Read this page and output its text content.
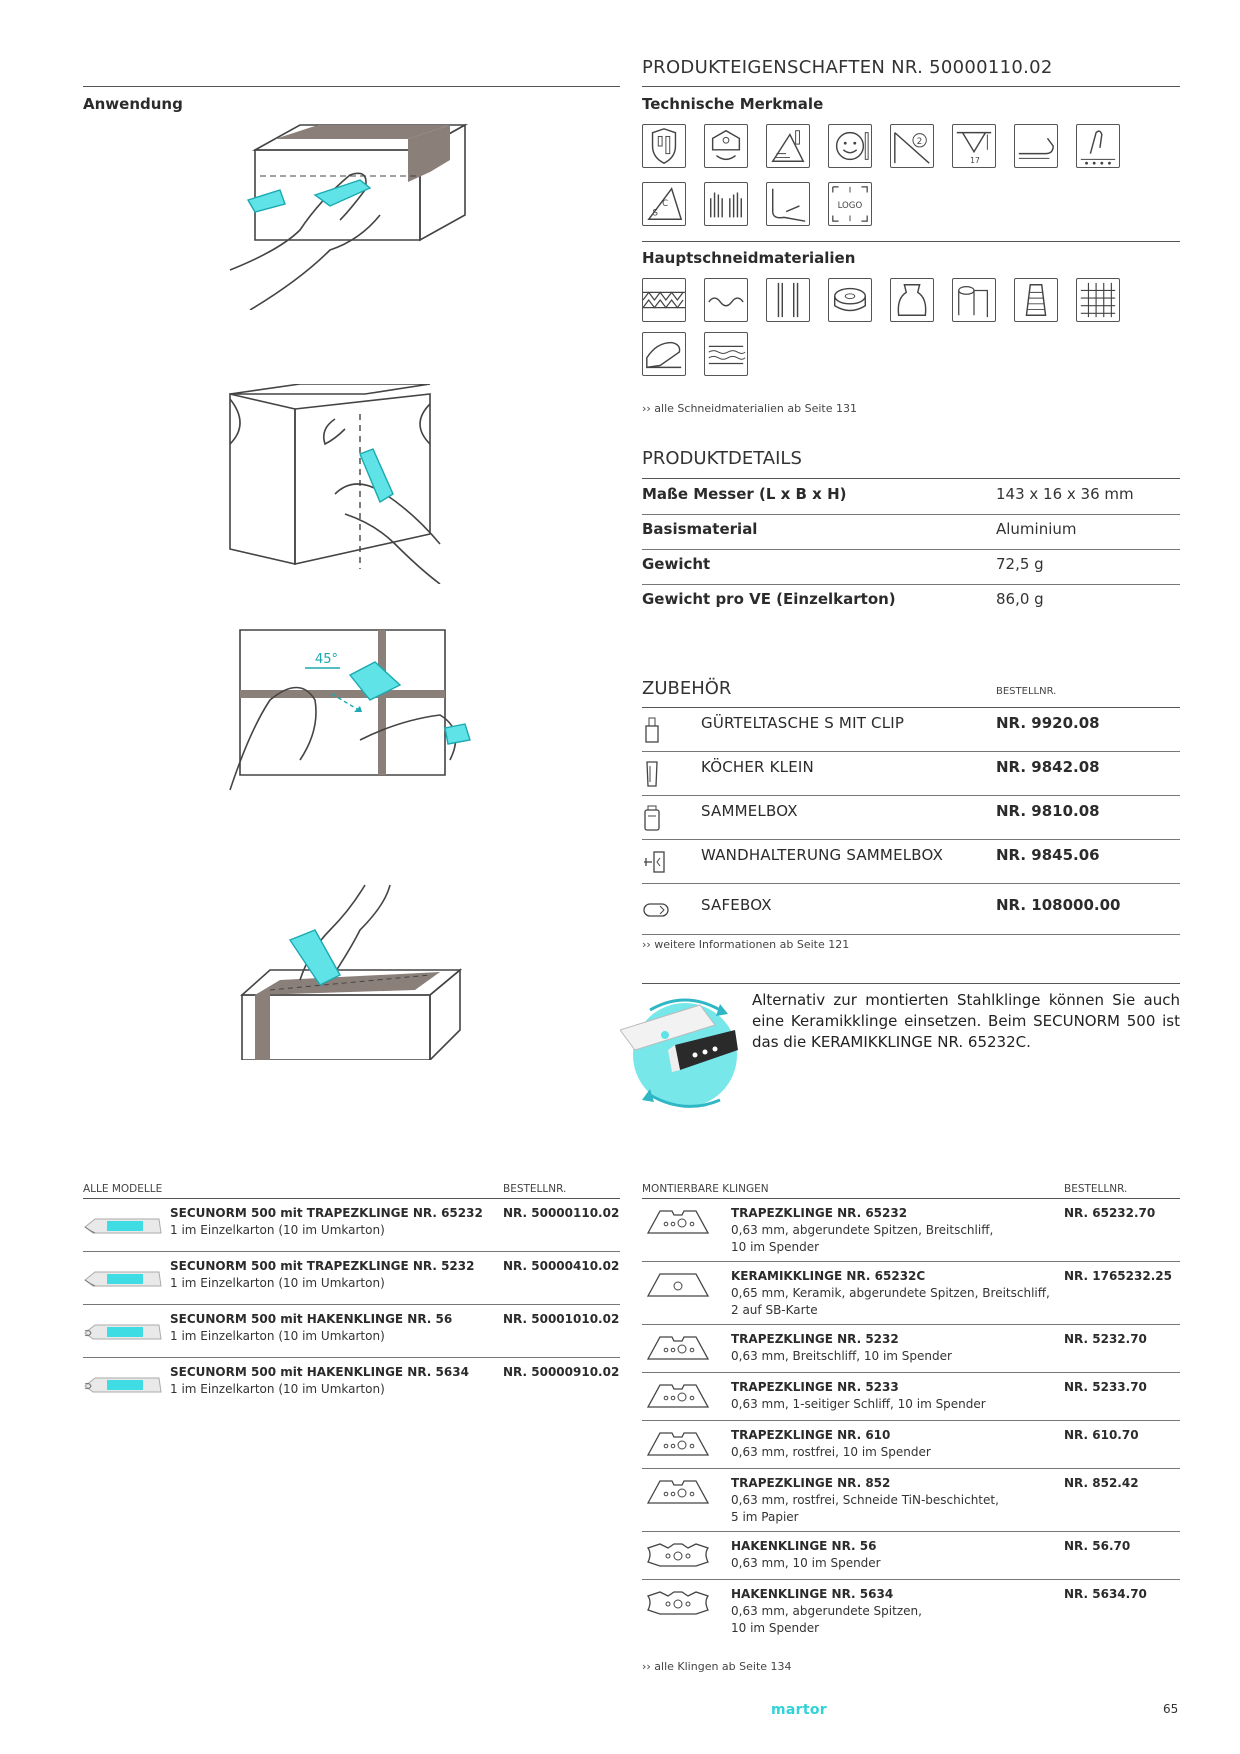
Anwendung
45°
PRODUKTEIGENSCHAFTEN NR. 50000110.02
Technische Merkmale
2
17
C
S
LOGO
Hauptschneidmaterialien
›› alle Schneidmaterialien ab Seite 131
PRODUKTDETAILS
Maße Messer (L x B x H)	143 x 16 x 36 mm
Basismaterial	Aluminium
Gewicht	72,5 g
Gewicht pro VE (Einzelkarton)	86,0 g
ZUBEHÖR	BESTELLNR.
GÜRTELTASCHE S MIT CLIP	NR. 9920.08
KÖCHER KLEIN	NR. 9842.08
SAMMELBOX	NR. 9810.08
WANDHALTERUNG SAMMELBOX	NR. 9845.06
SAFEBOX	NR. 108000.00
›› weitere Informationen ab Seite 121
Alternativ zur montierten Stahlklinge können Sie auch eine Keramikklinge einsetzen. Beim SECUNORM 500 ist das die KERAMIKKLINGE NR. 65232C.
ALLE MODELLE	BESTELLNR.
SECUNORM 500 mit TRAPEZKLINGE NR. 65232
1 im Einzelkarton (10 im Umkarton)
NR. 50000110.02
SECUNORM 500 mit TRAPEZKLINGE NR. 5232
1 im Einzelkarton (10 im Umkarton)
NR. 50000410.02
SECUNORM 500 mit HAKENKLINGE NR. 56
1 im Einzelkarton (10 im Umkarton)
NR. 50001010.02
SECUNORM 500 mit HAKENKLINGE NR. 5634
1 im Einzelkarton (10 im Umkarton)
NR. 50000910.02
MONTIERBARE KLINGEN	BESTELLNR.
TRAPEZKLINGE NR. 65232
0,63 mm, abgerundete Spitzen, Breitschliff,
10 im Spender
NR. 65232.70
KERAMIKKLINGE NR. 65232C
0,65 mm, Keramik, abgerundete Spitzen, Breitschliff,
2 auf SB-Karte
NR. 1765232.25
TRAPEZKLINGE NR. 5232
0,63 mm, Breitschliff, 10 im Spender
NR. 5232.70
TRAPEZKLINGE NR. 5233
0,63 mm, 1-seitiger Schliff, 10 im Spender
NR. 5233.70
TRAPEZKLINGE NR. 610
0,63 mm, rostfrei, 10 im Spender
NR. 610.70
TRAPEZKLINGE NR. 852
0,63 mm, rostfrei, Schneide TiN-beschichtet,
5 im Papier
NR. 852.42
HAKENKLINGE NR. 56
0,63 mm, 10 im Spender
NR. 56.70
HAKENKLINGE NR. 5634
0,63 mm, abgerundete Spitzen,
10 im Spender
NR. 5634.70
›› alle Klingen ab Seite 134
martor	65
